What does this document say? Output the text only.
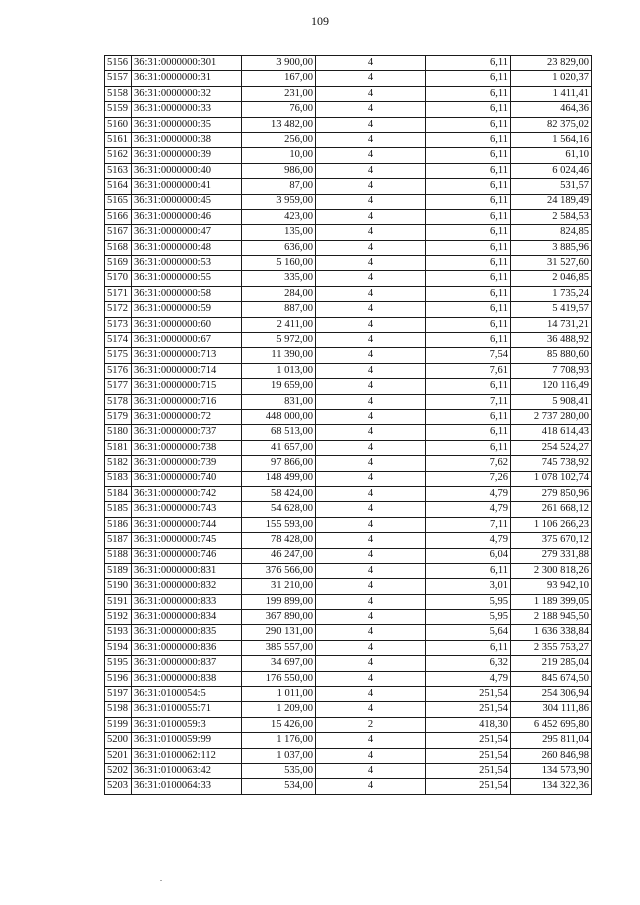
109
5156	36:31:0000000:301	3 900,00	4	6,11	23 829,00
5157	36:31:0000000:31	167,00	4	6,11	1 020,37
5158	36:31:0000000:32	231,00	4	6,11	1 411,41
5159	36:31:0000000:33	76,00	4	6,11	464,36
5160	36:31:0000000:35	13 482,00	4	6,11	82 375,02
5161	36:31:0000000:38	256,00	4	6,11	1 564,16
5162	36:31:0000000:39	10,00	4	6,11	61,10
5163	36:31:0000000:40	986,00	4	6,11	6 024,46
5164	36:31:0000000:41	87,00	4	6,11	531,57
5165	36:31:0000000:45	3 959,00	4	6,11	24 189,49
5166	36:31:0000000:46	423,00	4	6,11	2 584,53
5167	36:31:0000000:47	135,00	4	6,11	824,85
5168	36:31:0000000:48	636,00	4	6,11	3 885,96
5169	36:31:0000000:53	5 160,00	4	6,11	31 527,60
5170	36:31:0000000:55	335,00	4	6,11	2 046,85
5171	36:31:0000000:58	284,00	4	6,11	1 735,24
5172	36:31:0000000:59	887,00	4	6,11	5 419,57
5173	36:31:0000000:60	2 411,00	4	6,11	14 731,21
5174	36:31:0000000:67	5 972,00	4	6,11	36 488,92
5175	36:31:0000000:713	11 390,00	4	7,54	85 880,60
5176	36:31:0000000:714	1 013,00	4	7,61	7 708,93
5177	36:31:0000000:715	19 659,00	4	6,11	120 116,49
5178	36:31:0000000:716	831,00	4	7,11	5 908,41
5179	36:31:0000000:72	448 000,00	4	6,11	2 737 280,00
5180	36:31:0000000:737	68 513,00	4	6,11	418 614,43
5181	36:31:0000000:738	41 657,00	4	6,11	254 524,27
5182	36:31:0000000:739	97 866,00	4	7,62	745 738,92
5183	36:31:0000000:740	148 499,00	4	7,26	1 078 102,74
5184	36:31:0000000:742	58 424,00	4	4,79	279 850,96
5185	36:31:0000000:743	54 628,00	4	4,79	261 668,12
5186	36:31:0000000:744	155 593,00	4	7,11	1 106 266,23
5187	36:31:0000000:745	78 428,00	4	4,79	375 670,12
5188	36:31:0000000:746	46 247,00	4	6,04	279 331,88
5189	36:31:0000000:831	376 566,00	4	6,11	2 300 818,26
5190	36:31:0000000:832	31 210,00	4	3,01	93 942,10
5191	36:31:0000000:833	199 899,00	4	5,95	1 189 399,05
5192	36:31:0000000:834	367 890,00	4	5,95	2 188 945,50
5193	36:31:0000000:835	290 131,00	4	5,64	1 636 338,84
5194	36:31:0000000:836	385 557,00	4	6,11	2 355 753,27
5195	36:31:0000000:837	34 697,00	4	6,32	219 285,04
5196	36:31:0000000:838	176 550,00	4	4,79	845 674,50
5197	36:31:0100054:5	1 011,00	4	251,54	254 306,94
5198	36:31:0100055:71	1 209,00	4	251,54	304 111,86
5199	36:31:0100059:3	15 426,00	2	418,30	6 452 695,80
5200	36:31:0100059:99	1 176,00	4	251,54	295 811,04
5201	36:31:0100062:112	1 037,00	4	251,54	260 846,98
5202	36:31:0100063:42	535,00	4	251,54	134 573,90
5203	36:31:0100064:33	534,00	4	251,54	134 322,36
